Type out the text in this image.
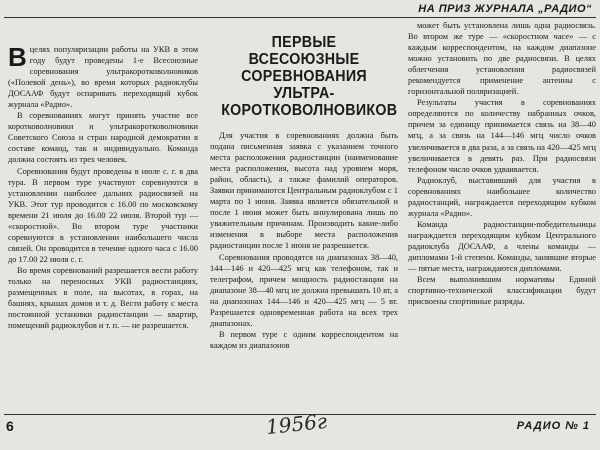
НА ПРИЗ ЖУРНАЛА „РАДИО“
ПЕРВЫЕ ВСЕСОЮЗНЫЕ СОРЕВНОВАНИЯ УЛЬТРА-КОРОТКОВОЛНОВИКОВ

Вцелях популяризации работы на УКВ в этом году будут проведены 1-е Всесоюзные соревнования ультракоротковолновиков («Полевой день»), во время которых радиоклубы ДОСААФ будут оспаривать переходящий кубок журнала «Радио».

В соревнованиях могут принять участие все коротковолновики и ультракоротковолновики Советского Союза и стран народной демократии в составе команд, так и индивидуально. Команда должна состоять из трех человек.

Соревнования будут проведены в июле с. г. в два тура. В первом туре участвуют соревнуются в установлении наиболее дальних радиосвязей на УКВ. Этот тур проводится с 16.00 по московскому времени 21 июля до 16.00 22 июля. Второй тур — «скоростной». Во втором туре участники соревнуются в установлении наибольшего числа связей. Он проводится в течение одного часа с 16.00 до 17.00 22 июля с. г.

Во время соревнований разрешается вести работу только на переносных УКВ радиостанциях, размещенных в поле, на высотах, в горах, на башнях, крышах домов и т. д. Вести работу с места постоянной установки радиостанции — квартир, помещений радиоклубов и т. п. — не разрешается.

Для участия в соревнованиях должна быть подана письменная заявка с указанием точного места расположения радиостанции (наименование места расположения, высота над уровнем моря, район, область), а также фамилий операторов. Заявки принимаются Центральным радиоклубом с 1 марта по 1 июня. Заявка является обязательной и после 1 июня может быть аннулирована лишь по уважительным причинам. Производить какие-либо изменения в выборе места расположения радиостанции после 1 июня не разрешается.

Соревнования проводятся на диапазонах 38—40, 144—146 и 420—425 мгц как телефоном, так и телеграфом, причем мощность радиостанции на диапазоне 38—40 мгц не должна превышать 10 вт, а на диапазонах 144—146 и 420—425 мгц — 5 вт. Разрешается одновременная работа на всех трех диапазонах.

В первом туре с одним корреспондентом на каждом из диапазонов

может быть установлена лишь одна радиосвязь. Во втором же туре — «скоростном часе» — с каждым корреспондентом, на каждом диапазоне можно установить по две радиосвязи. В целях облегчения установления радиосвязей рекомендуется применение антенны с горизонтальной поляризацией.

Результаты участия в соревнованиях определяются по количеству набранных очков, причем за единицу принимается связь на 38—40 мгц, а за связь на 144—146 мгц число очков увеличивается в два раза, а за связь на 420—425 мгц увеличивается в девять раз. При радиосвязи телефоном число очков удваивается.

Радиоклуб, выставивший для участия в соревнованиях наибольшее количество радиостанций, награждается переходящим кубком журнала «Радио».

Команда радиостанции-победительницы награждается переходящим кубком Центрального радиоклуба ДОСААФ, а члены команды — дипломами 1-й степени. Команды, занявшие вторые — пятые места, награждаются дипломами.

Всем выполнившим нормативы Единой спортивно-технической классификации будут присвоены спортивные разряды.

6	1956г	РАДИО № 1
